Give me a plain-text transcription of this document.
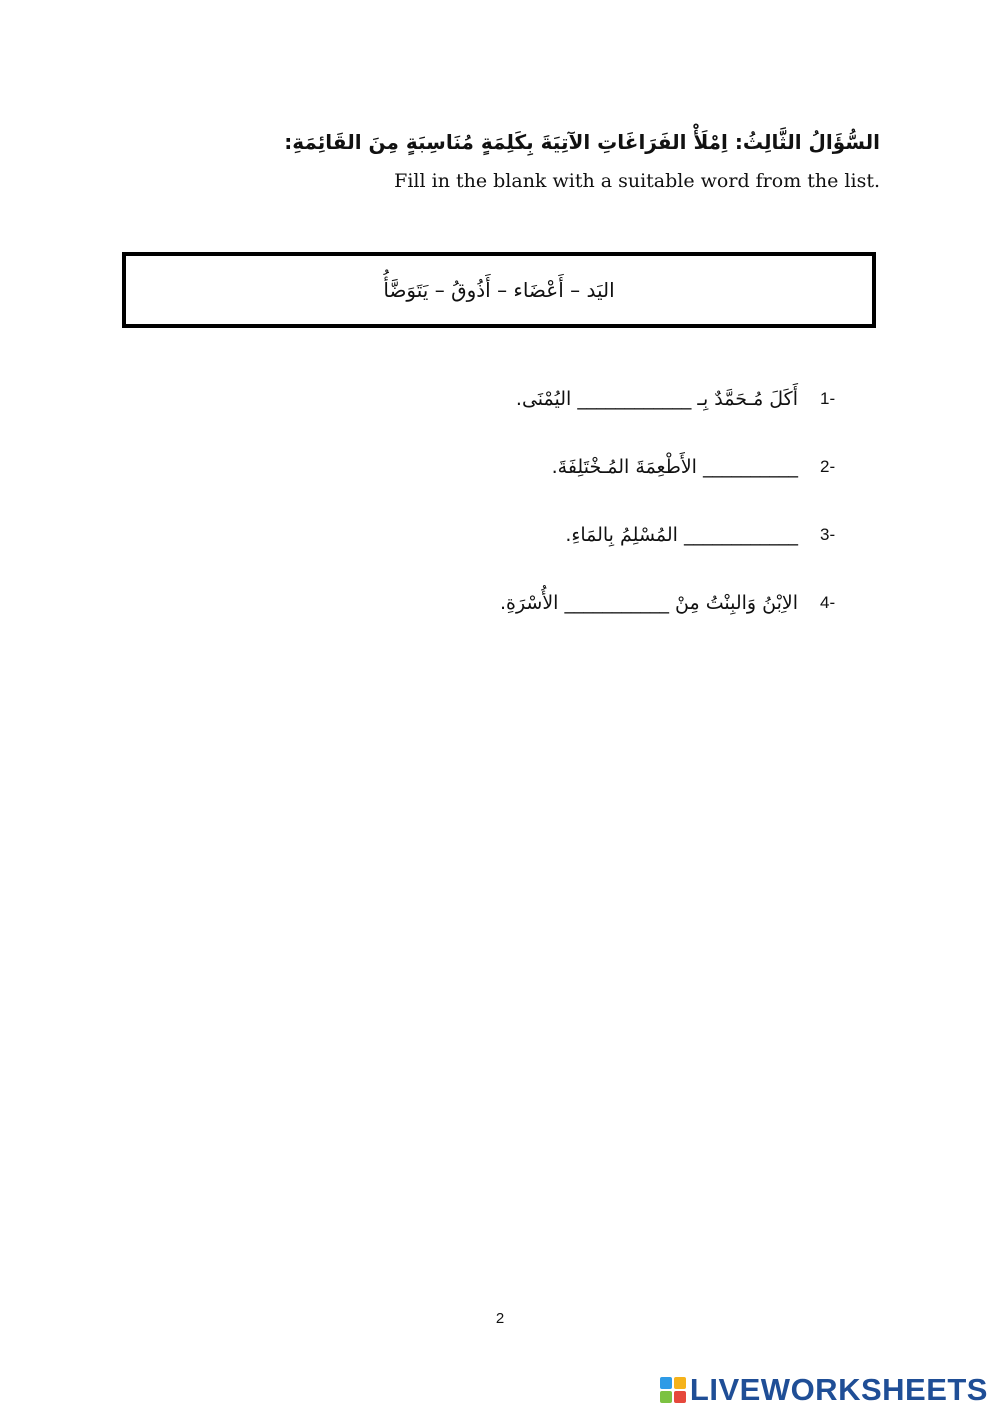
السُّؤَالُ الثَّالِثُ: اِمْلَأْ الفَرَاغَاتِ الآتِيَةَ بِكَلِمَةٍ مُنَاسِبَةٍ مِنَ القَائِمَةِ:
Fill in the blank with a suitable word from the list.
اليَد – أَعْضَاء – أَذُوقُ – يَتَوَضَّأُ
1-
أَكَلَ مُـحَمَّدٌ بِـ ____________ اليُمْنَى.
2-
__________ الأَطْعِمَةَ المُـخْتَلِفَةَ.
3-
____________ المُسْلِمُ بِالمَاءِ.
4-
الاِبْنُ وَالبِنْتُ مِنْ ___________ الأُسْرَةِ.
2
LIVEWORKSHEETS
